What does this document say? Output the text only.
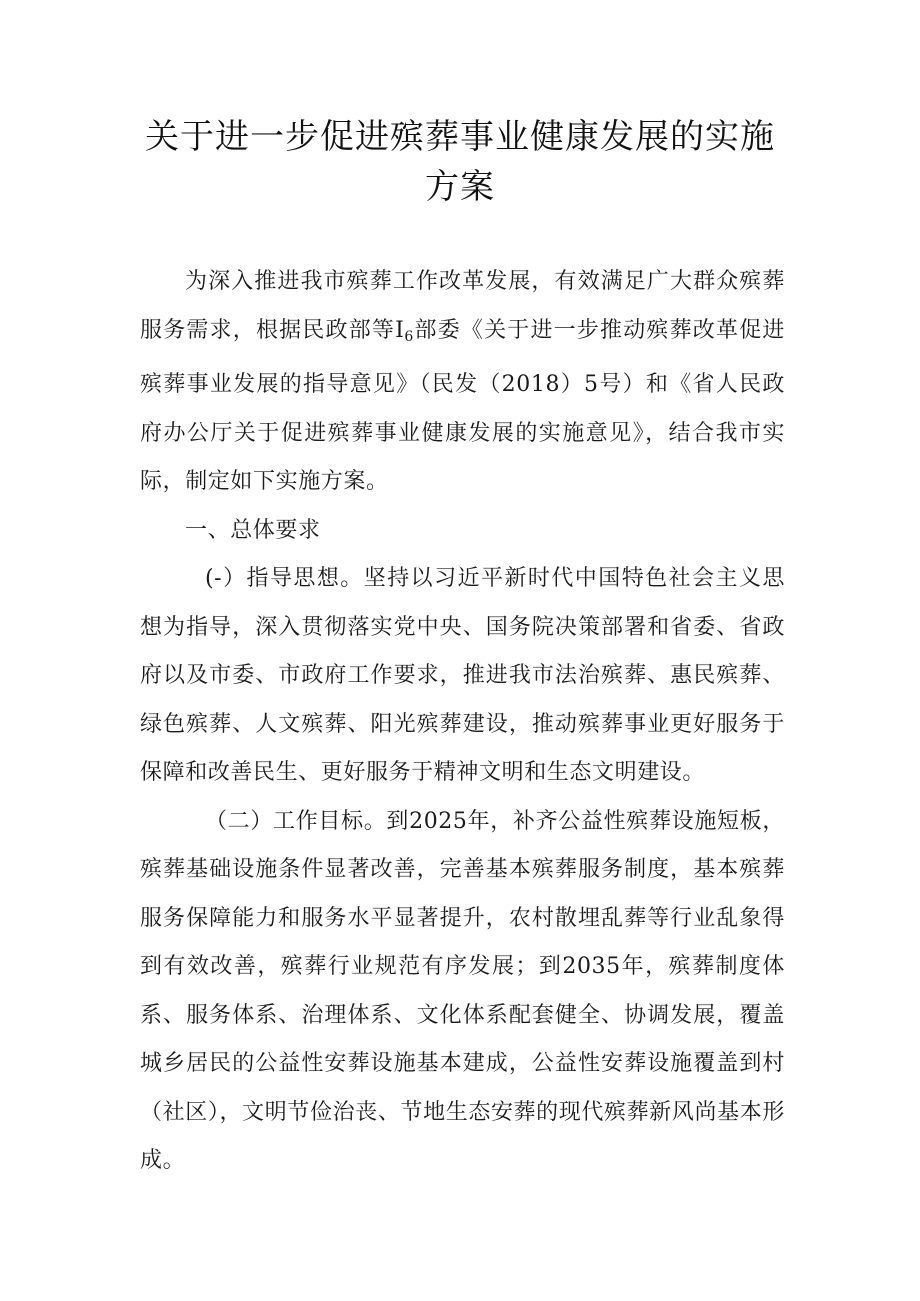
关于进一步促进殡葬事业健康发展的实施
方案

为深入推进我市殡葬工作改革发展，有效满足广大群众殡葬服务需求，根据民政部等$I_6$部委《关于进一步推动殡葬改革促进殡葬事业发展的指导意见》（民发（2018）5号）和《省人民政府办公厅关于促进殡葬事业健康发展的实施意见》，结合我市实际，制定如下实施方案。

一、总体要求

(-）指导思想。坚持以习近平新时代中国特色社会主义思想为指导，深入贯彻落实党中央、国务院决策部署和省委、省政府以及市委、市政府工作要求，推进我市法治殡葬、惠民殡葬、绿色殡葬、人文殡葬、阳光殡葬建设，推动殡葬事业更好服务于保障和改善民生、更好服务于精神文明和生态文明建设。

（二）工作目标。到2025年，补齐公益性殡葬设施短板，殡葬基础设施条件显著改善，完善基本殡葬服务制度，基本殡葬服务保障能力和服务水平显著提升，农村散埋乱葬等行业乱象得到有效改善，殡葬行业规范有序发展；到2035年，殡葬制度体系、服务体系、治理体系、文化体系配套健全、协调发展，覆盖城乡居民的公益性安葬设施基本建成，公益性安葬设施覆盖到村（社区），文明节俭治丧、节地生态安葬的现代殡葬新风尚基本形成。
